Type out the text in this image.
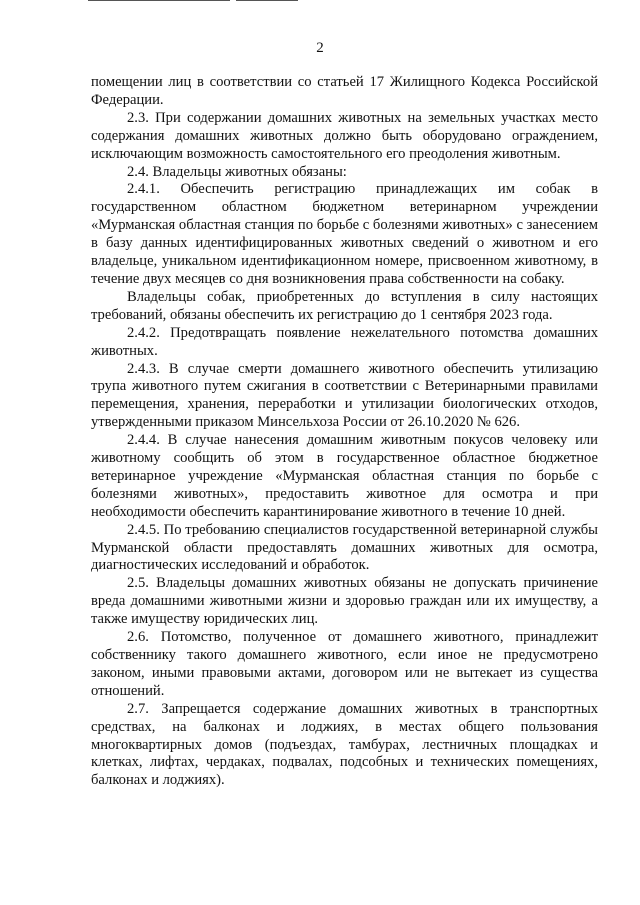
2

помещении лиц в соответствии со статьей 17 Жилищного Кодекса Российской Федерации.

2.3. При содержании домашних животных на земельных участках место содержания домашних животных должно быть оборудовано ограждением, исключающим возможность самостоятельного его преодоления животным.

2.4. Владельцы животных обязаны:

2.4.1. Обеспечить регистрацию принадлежащих им собак в государственном областном бюджетном ветеринарном учреждении «Мурманская областная станция по борьбе с болезнями животных» с занесением в базу данных идентифицированных животных сведений о животном и его владельце, уникальном идентификационном номере, присвоенном животному, в течение двух месяцев со дня возникновения права собственности на собаку.

Владельцы собак, приобретенных до вступления в силу настоящих требований, обязаны обеспечить их регистрацию до 1 сентября 2023 года.

2.4.2. Предотвращать появление нежелательного потомства домашних животных.

2.4.3. В случае смерти домашнего животного обеспечить утилизацию трупа животного путем сжигания в соответствии с Ветеринарными правилами перемещения, хранения, переработки и утилизации биологических отходов, утвержденными приказом Минсельхоза России от 26.10.2020 № 626.

2.4.4. В случае нанесения домашним животным покусов человеку или животному сообщить об этом в государственное областное бюджетное ветеринарное учреждение «Мурманская областная станция по борьбе с болезнями животных», предоставить животное для осмотра и при необходимости обеспечить карантинирование животного в течение 10 дней.

2.4.5. По требованию специалистов государственной ветеринарной службы Мурманской области предоставлять домашних животных для осмотра, диагностических исследований и обработок.

2.5. Владельцы домашних животных обязаны не допускать причинение вреда домашними животными жизни и здоровью граждан или их имуществу, а также имуществу юридических лиц.

2.6. Потомство, полученное от домашнего животного, принадлежит собственнику такого домашнего животного, если иное не предусмотрено законом, иными правовыми актами, договором или не вытекает из существа отношений.

2.7. Запрещается содержание домашних животных в транспортных средствах, на балконах и лоджиях, в местах общего пользования многоквартирных домов (подъездах, тамбурах, лестничных площадках и клетках, лифтах, чердаках, подвалах, подсобных и технических помещениях, балконах и лоджиях).
